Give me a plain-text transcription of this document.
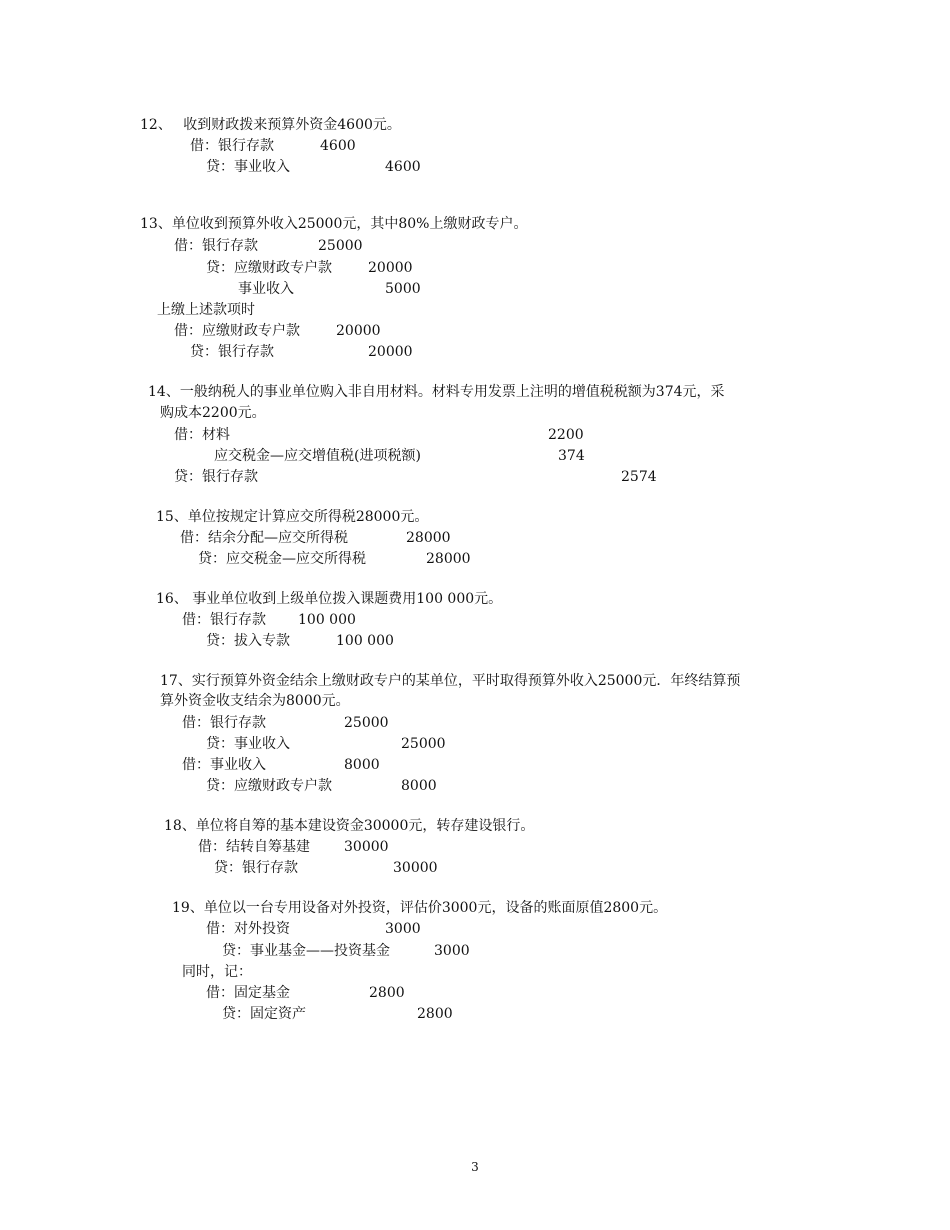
12、　 收到财政拨来预算外资金4600元。
借：银行存款	4600
贷：事业收入	4600
13、单位收到预算外收入25000元，其中80%上缴财政专户。
借：银行存款	25000
贷：应缴财政专户款	20000
事业收入	5000
上缴上述款项时
借：应缴财政专户款	20000
贷：银行存款	20000
14、一般纳税人的事业单位购入非自用材料。材料专用发票上注明的增值税税额为374元，采
购成本2200元。
借：材料	2200
应交税金—应交增值税(进项税额)	374
贷：银行存款	2574
15、单位按规定计算应交所得税28000元。
借：结余分配—应交所得税	28000
贷：应交税金—应交所得税	28000
16、 事业单位收到上级单位拨入课题费用100 000元。
借：银行存款 100 000
贷：拔入专款	100 000
17、实行预算外资金结余上缴财政专户的某单位，平时取得预算外收入25000元．年终结算预
算外资金收支结余为8000元。
借：银行存款	25000
贷：事业收入	25000
借：事业收入	8000
贷：应缴财政专户款	8000
18、单位将自筹的基本建设资金30000元，转存建设银行。
借：结转自筹基建 30000
贷：银行存款	30000
19、单位以一台专用设备对外投资，评估价3000元，设备的账面原值2800元。
借：对外投资	3000
贷：事业基金——投资基金	3000
同时，记：
借：固定基金	2800
贷：固定资产	2800
3
